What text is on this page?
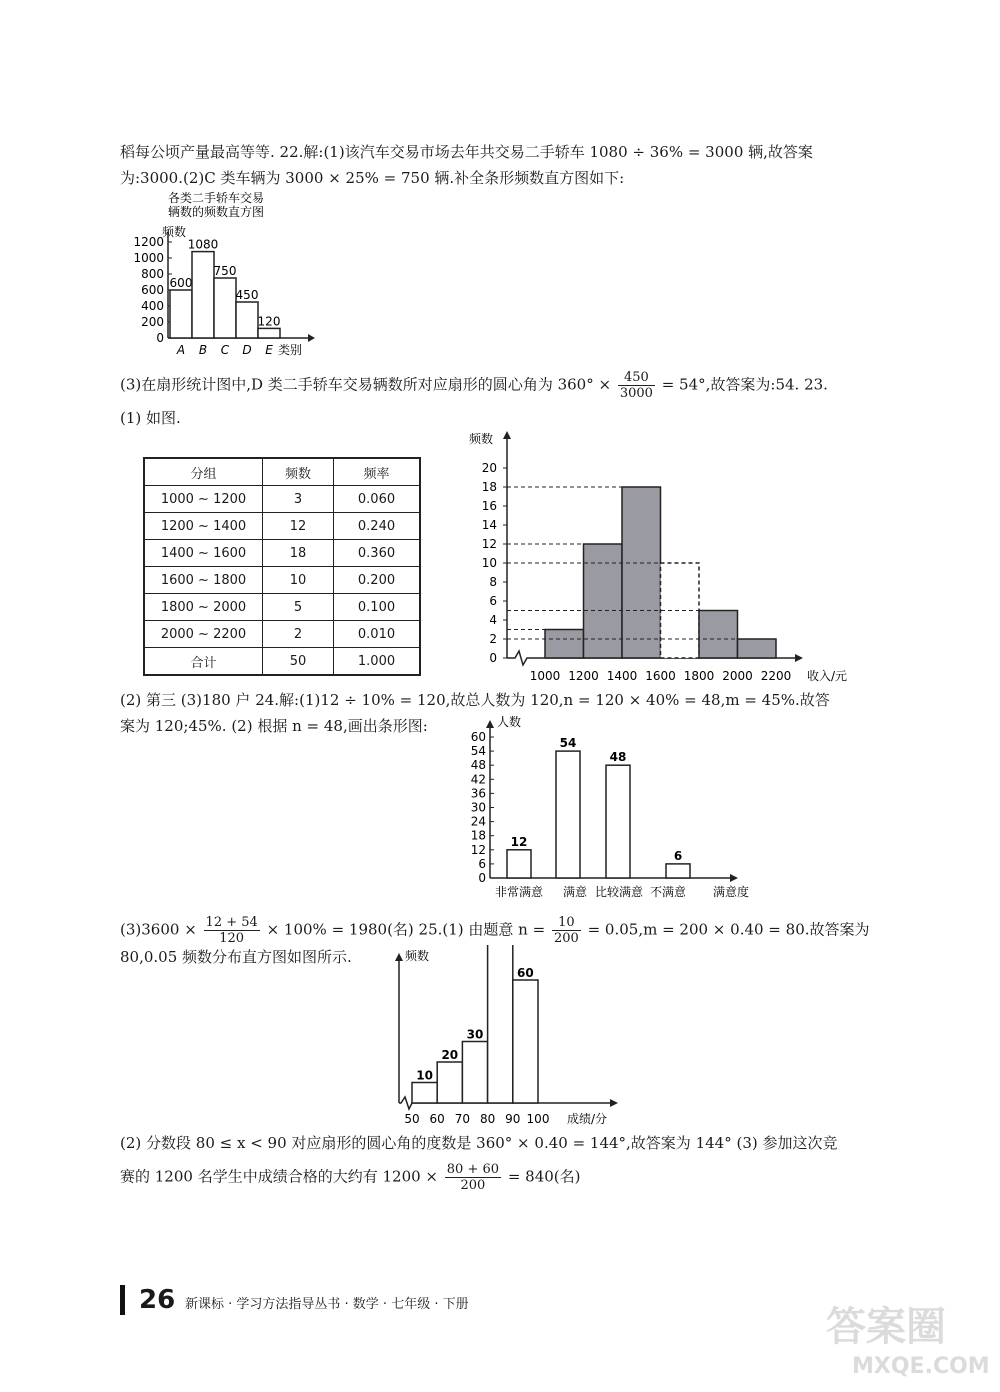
稻每公顷产量最高等等. 22.解:(1)该汽车交易市场去年共交易二手轿车 1080 ÷ 36% = 3000 辆,故答案
为:3000.(2)C 类车辆为 3000 × 25% = 750 辆.补全条形频数直方图如下:
各类二手轿车交易
辆数的频数直方图
频数
0
200
400
600
800
1000
1200
600
A
1080
B
750
C
450
D
120
E 类别
(3)在扇形统计图中,D 类二手轿车交易辆数所对应扇形的圆心角为 $360^\circ \times \frac{450}{3000} = 54^\circ$,故答案为:54. 23.
(1) 如图.
分组	频数	频率
1000 ~ 1200	3	0.060
1200 ~ 1400	12	0.240
1400 ~ 1600	18	0.360
1600 ~ 1800	10	0.200
1800 ~ 2000	5	0.100
2000 ~ 2200	2	0.010
合计	50	1.000
频数
0
2
4
6
8
10
12
14
16
18
20
1000 1200 1400 1600 1800 2000 2200 收入/元
(2) 第三 (3)180 户 24.解:(1)12 ÷ 10% = 120,故总人数为 120,n = 120 × 40% = 48,m = 45%.故答
案为 120;45%. (2) 根据 n = 48,画出条形图:	人数
0
6
12
18
24
30
36
42
48
54
60
12
54
48
6
非常满意 满意 比较满意 不满意 满意度
$(3)3600 \times \frac{12 + 54}{120} \times 100\% = 1980$(名) 25.(1) 由题意 $n = \frac{10}{200} = 0.05,m = 200 \times 0.40 = 80$.故答案为
80,0.05 频数分布直方图如图所示.	频数
10
20
30
60
50 60 70 80 90 100 成绩/分
(2) 分数段 80 ≤ x < 90 对应扇形的圆心角的度数是 360° × 0.40 = 144°,故答案为 144° (3) 参加这次竞
赛的 1200 名学生中成绩合格的大约有 $1200 \times \frac{80 + 60}{200} = 840$(名)
26 新课标 · 学习方法指导丛书 · 数学 · 七年级 · 下册	答案圈
MXQE.COM
